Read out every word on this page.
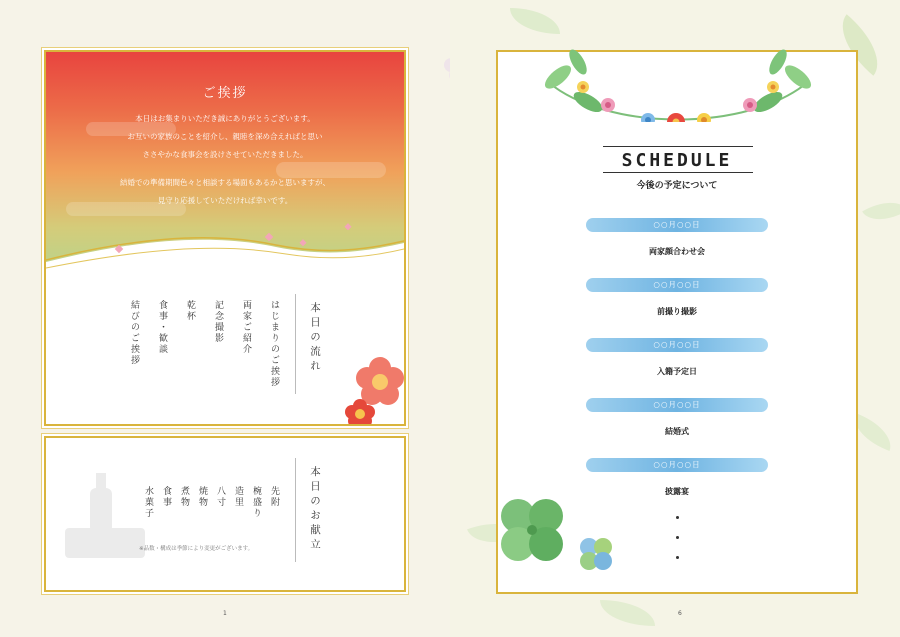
ご挨拶

本日はお集まりいただき誠にありがとうございます。

お互いの家族のことを紹介し、親睦を深め合えればと思い

ささやかな食事会を設けさせていただきました。

結婚での準備期間色々と相談する場面もあるかと思いますが、

見守り応援していただければ幸いです。

本日の流れ
はじまりのご挨拶
両家ご紹介
記念撮影
乾杯
食事・歓談
結びのご挨拶
本日のお献立
先附
椀盛り
造里
八寸
焼物
煮物
食事
水菓子
※品数・構成は季節により変更がございます。
1
SCHEDULE
今後の予定について
○○月○○日
両家顔合わせ会
○○月○○日
前撮り撮影
○○月○○日
入籍予定日
○○月○○日
結婚式
○○月○○日
披露宴
6
